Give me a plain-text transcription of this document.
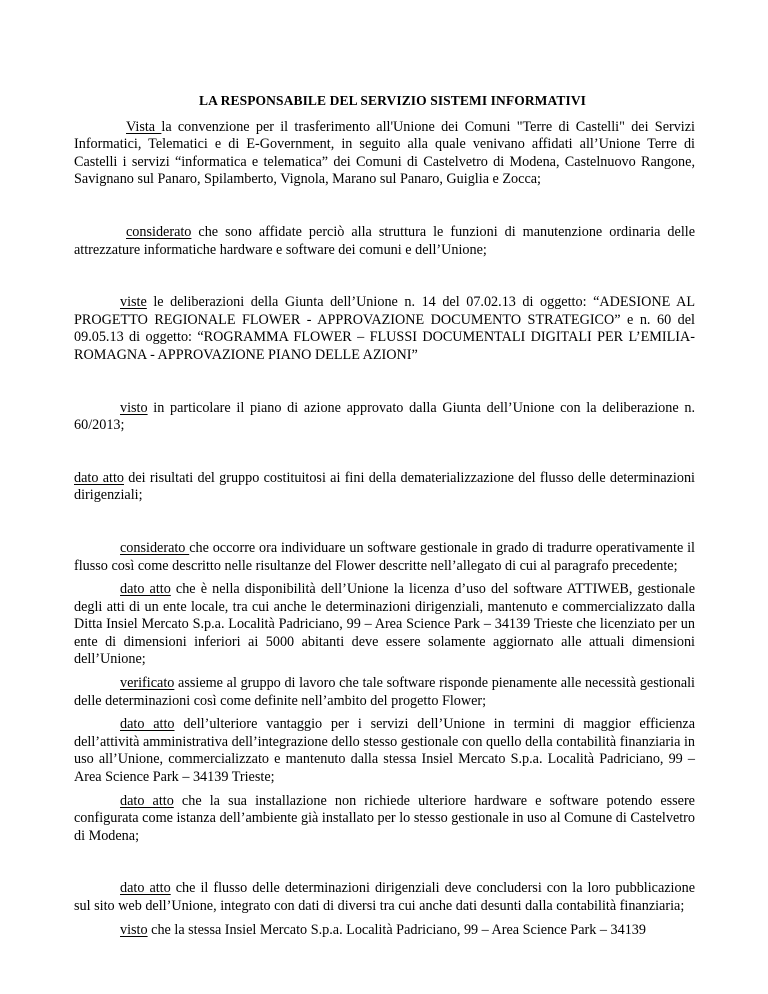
LA RESPONSABILE DEL SERVIZIO SISTEMI INFORMATIVI

Vista la convenzione per il trasferimento all'Unione dei Comuni "Terre di Castelli" dei Servizi Informatici, Telematici e di E-Government, in seguito alla quale venivano affidati all’Unione Terre di Castelli i servizi “informatica e telematica” dei Comuni di Castelvetro di Modena, Castelnuovo Rangone, Savignano sul Panaro, Spilamberto, Vignola, Marano sul Panaro, Guiglia e Zocca;

considerato che sono affidate perciò alla struttura le funzioni di manutenzione ordinaria delle attrezzature informatiche hardware e software dei comuni e dell’Unione;

viste le deliberazioni della Giunta dell’Unione n. 14 del 07.02.13 di oggetto: “ADESIONE AL PROGETTO REGIONALE FLOWER - APPROVAZIONE DOCUMENTO STRATEGICO” e n. 60 del 09.05.13 di oggetto: “ROGRAMMA FLOWER – FLUSSI DOCUMENTALI DIGITALI PER L’EMILIA-ROMAGNA - APPROVAZIONE PIANO DELLE AZIONI”

visto in particolare il piano di azione approvato dalla Giunta dell’Unione con la deliberazione n. 60/2013;

dato atto dei risultati del gruppo costituitosi ai fini della dematerializzazione del flusso delle determinazioni dirigenziali;

considerato che occorre ora individuare un software gestionale in grado di tradurre operativamente il flusso così come descritto nelle risultanze del Flower descritte nell’allegato di cui al paragrafo precedente;

dato atto che è nella disponibilità dell’Unione la licenza d’uso del software ATTIWEB, gestionale degli atti di un ente locale, tra cui anche le determinazioni dirigenziali, mantenuto e commercializzato dalla Ditta Insiel Mercato S.p.a. Località Padriciano, 99 – Area Science Park – 34139 Trieste che licenziato per un ente di dimensioni inferiori ai 5000 abitanti deve essere solamente aggiornato alle attuali dimensioni dell’Unione;

verificato assieme al gruppo di lavoro che tale software risponde pienamente alle necessità gestionali delle determinazioni così come definite nell’ambito del progetto Flower;

dato atto dell’ulteriore vantaggio per i servizi dell’Unione in termini di maggior efficienza dell’attività amministrativa dell’integrazione dello stesso gestionale con quello della contabilità finanziaria in uso all’Unione, commercializzato e mantenuto dalla stessa Insiel Mercato S.p.a. Località Padriciano, 99 – Area Science Park – 34139 Trieste;

dato atto che la sua installazione non richiede ulteriore hardware e software potendo essere configurata come istanza dell’ambiente già installato per lo stesso gestionale in uso al Comune di Castelvetro di Modena;

dato atto che il flusso delle determinazioni dirigenziali deve concludersi con la loro pubblicazione sul sito web dell’Unione, integrato con dati di diversi tra cui anche dati desunti dalla contabilità finanziaria;

visto che la stessa Insiel Mercato S.p.a. Località Padriciano, 99 – Area Science Park – 34139
